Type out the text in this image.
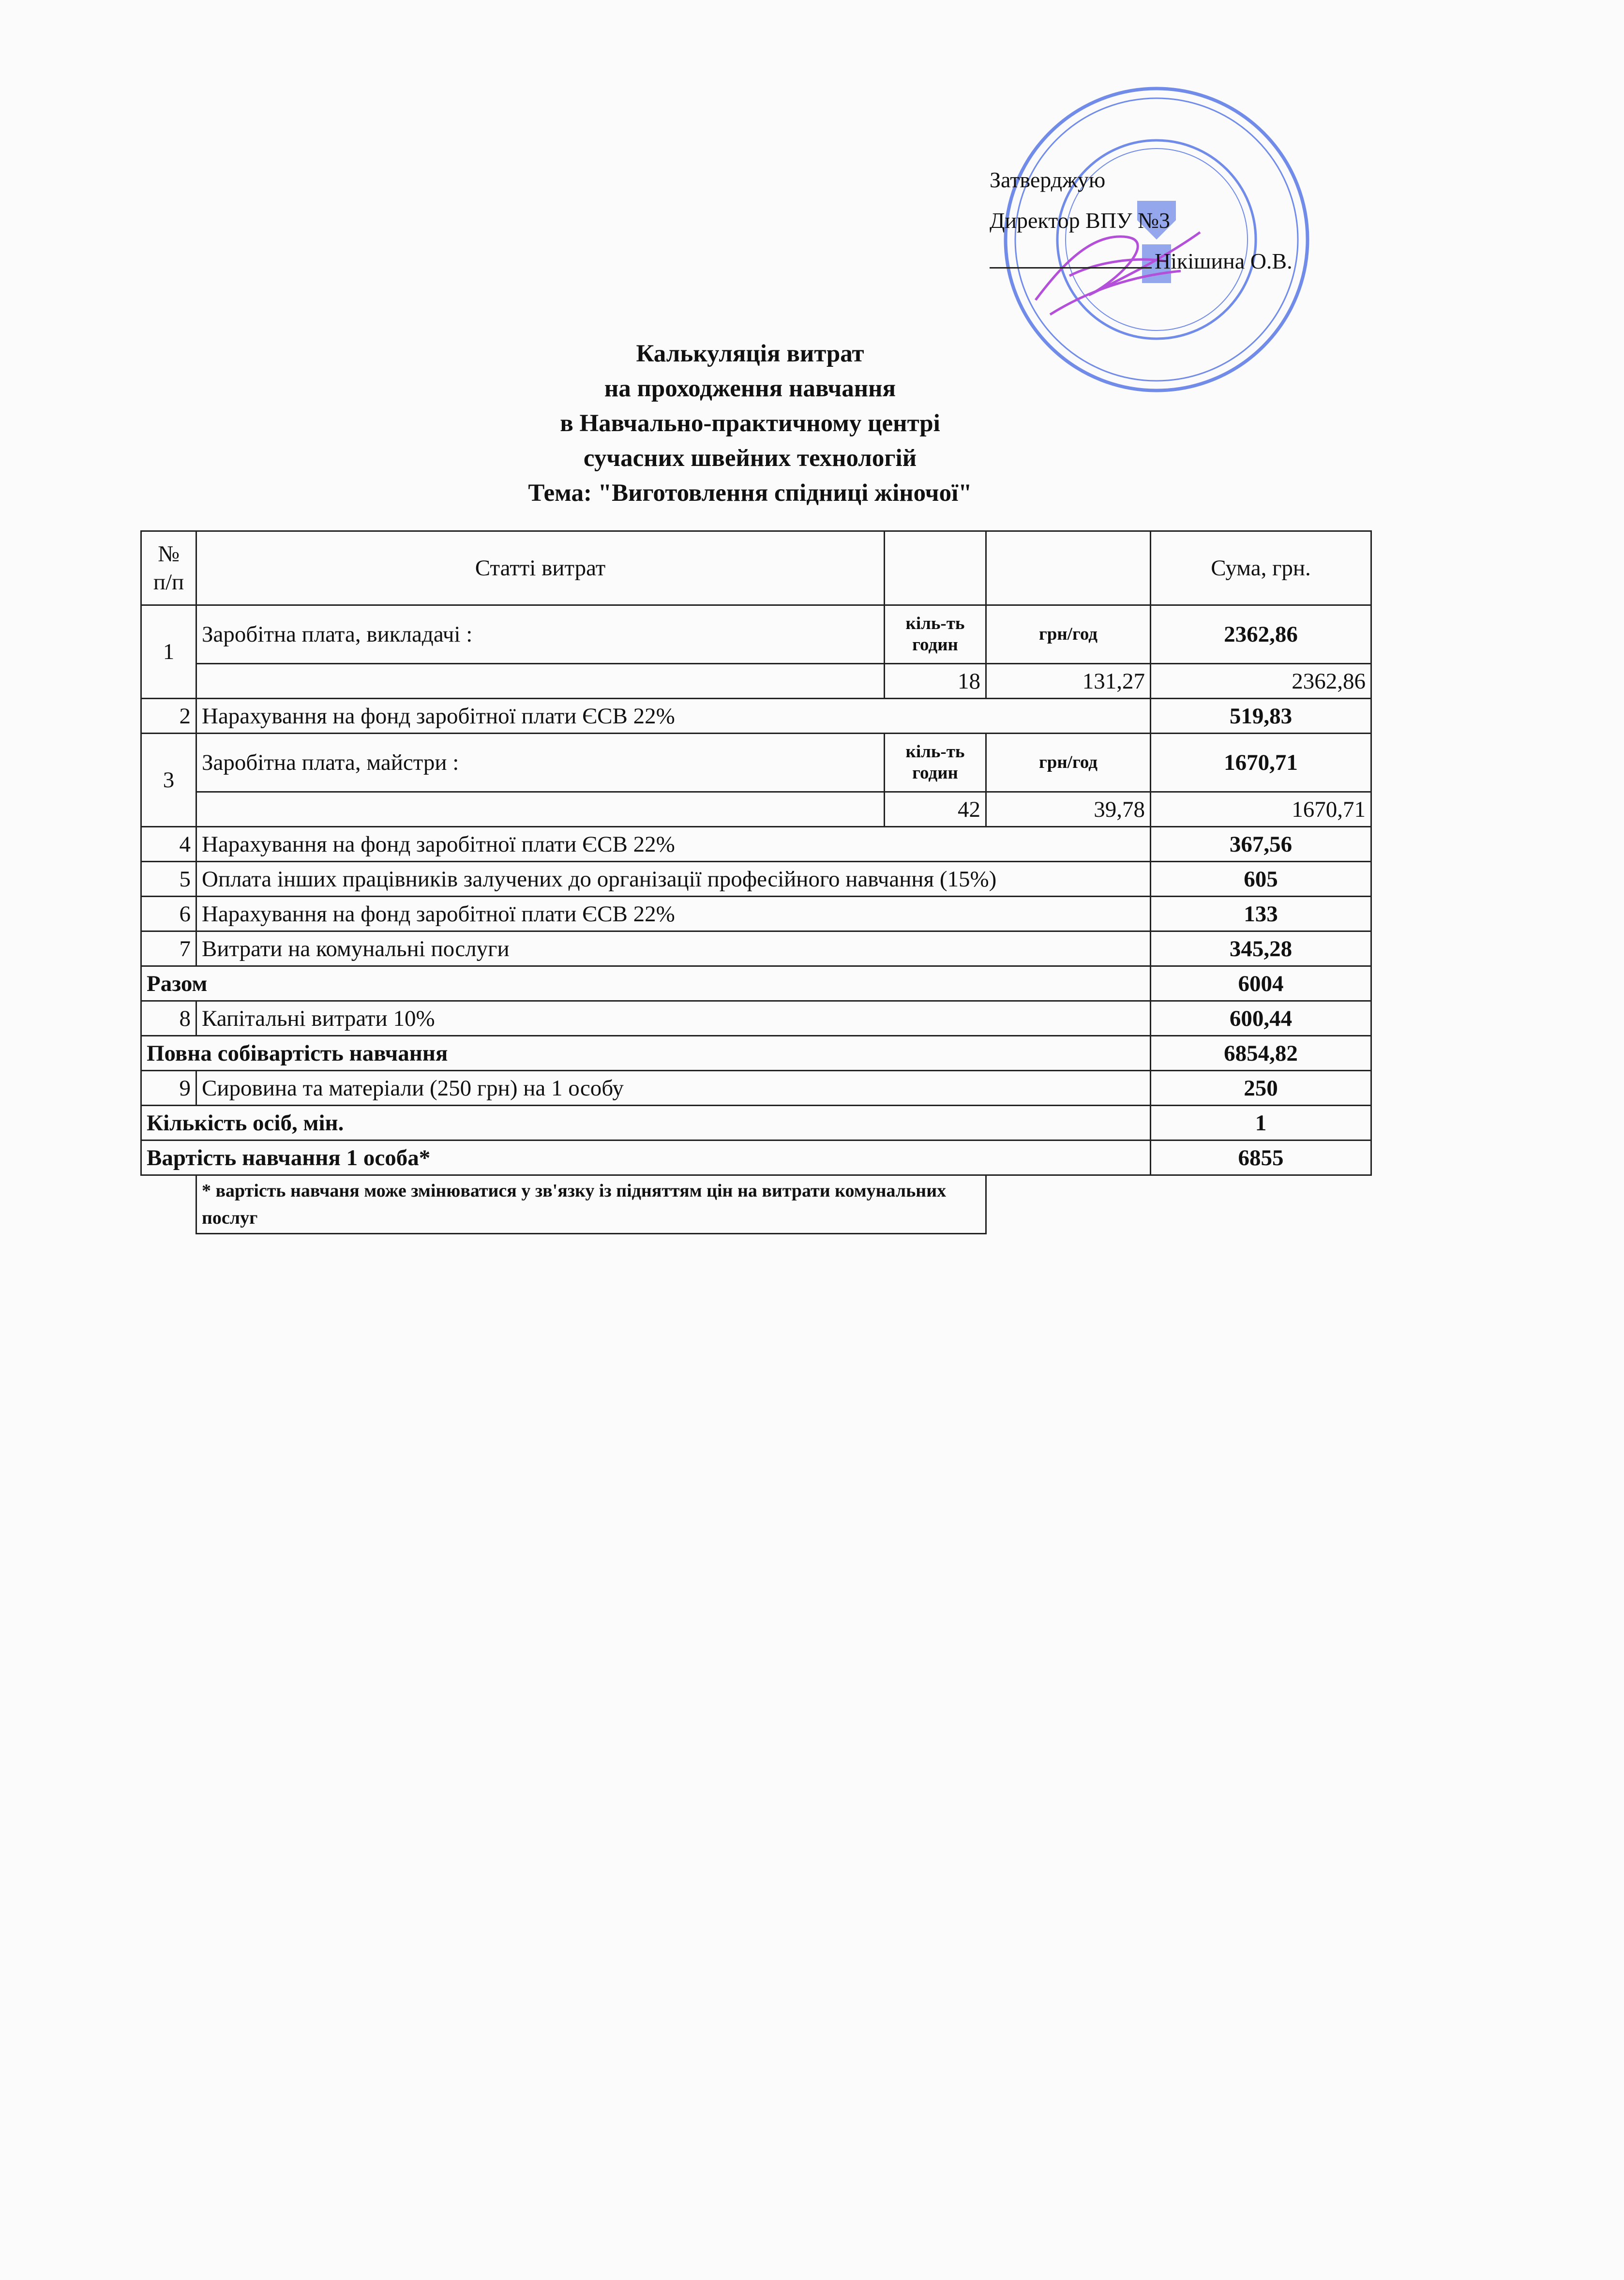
Затверджую
Директор ВПУ №3
Нікішина О.В.
Калькуляція витрат
на проходження навчання
в Навчально-практичному центрі
сучасних швейних технологій
Тема: "Виготовлення спідниці жіночої"
№ п/п	Статті витрат			Сума, грн.
1	Заробітна плата, викладачі :	кіль-ть годин	грн/год	2362,86
		18	131,27	2362,86
2	Нарахування на фонд заробітної плати ЄСВ 22%			519,83
3	Заробітна плата, майстри :	кіль-ть годин	грн/год	1670,71
		42	39,78	1670,71
4	Нарахування на фонд заробітної плати ЄСВ 22%			367,56
5	Оплата інших працівників залучених до організації професійного навчання (15%)			605
6	Нарахування на фонд заробітної плати ЄСВ 22%			133
7	Витрати на комунальні послуги			345,28
Разом				6004
8	Капітальні витрати 10%			600,44
Повна собівартість навчання				6854,82
9	Сировина та матеріали (250 грн) на 1 особу			250
Кількість осіб, мін.				1
Вартість навчання 1 особа*				6855
	* вартість навчаня може змінюватися у зв'язку із підняттям цін на витрати комунальних послуг			
